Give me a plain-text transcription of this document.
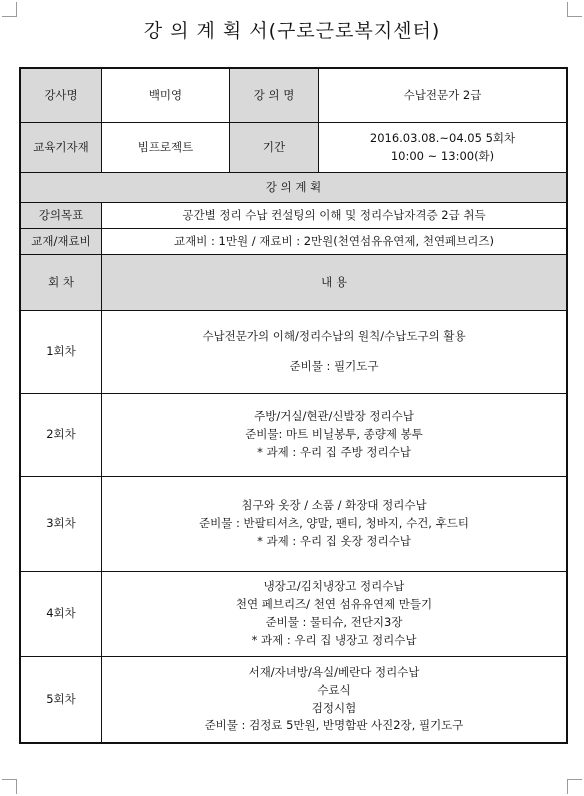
강 의 계 획 서(구로근로복지센터)
강사명	백미영	강 의 명	수납전문가 2급
교육기자재	빔프로젝트	기간	2016.03.08.~04.05 5회차
10:00 ~ 13:00(화)

강 의 계 획			
강의목표	공간별 정리 수납 컨설팅의 이해 및 정리수납자격증 2급 취득		
교재/재료비	교재비 : 1만원 / 재료비 : 2만원(천연섬유유연제, 천연페브리즈)		
회 차	내 용		
1회차	수납전문가의 이해/정리수납의 원칙/수납도구의 활용
준비물 : 필기도구		

2회차	주방/거실/현관/신발장 정리수납
준비물: 마트 비닐봉투, 종량제 봉투
* 과제 : 우리 집 주방 정리수납		

3회차	침구와 옷장 / 소품 / 화장대 정리수납
준비물 : 반팔티셔츠, 양말, 팬티, 청바지, 수건, 후드티
* 과제 : 우리 집 옷장 정리수납		

4회차	냉장고/김치냉장고 정리수납
천연 페브리즈/ 천연 섬유유연제 만들기
준비물 : 물티슈, 전단지3장
* 과제 : 우리 집 냉장고 정리수납		

5회차	서재/자녀방/욕실/베란다 정리수납
수료식
검정시험
준비물 : 검정료 5만원, 반명함판 사진2장, 필기도구		
